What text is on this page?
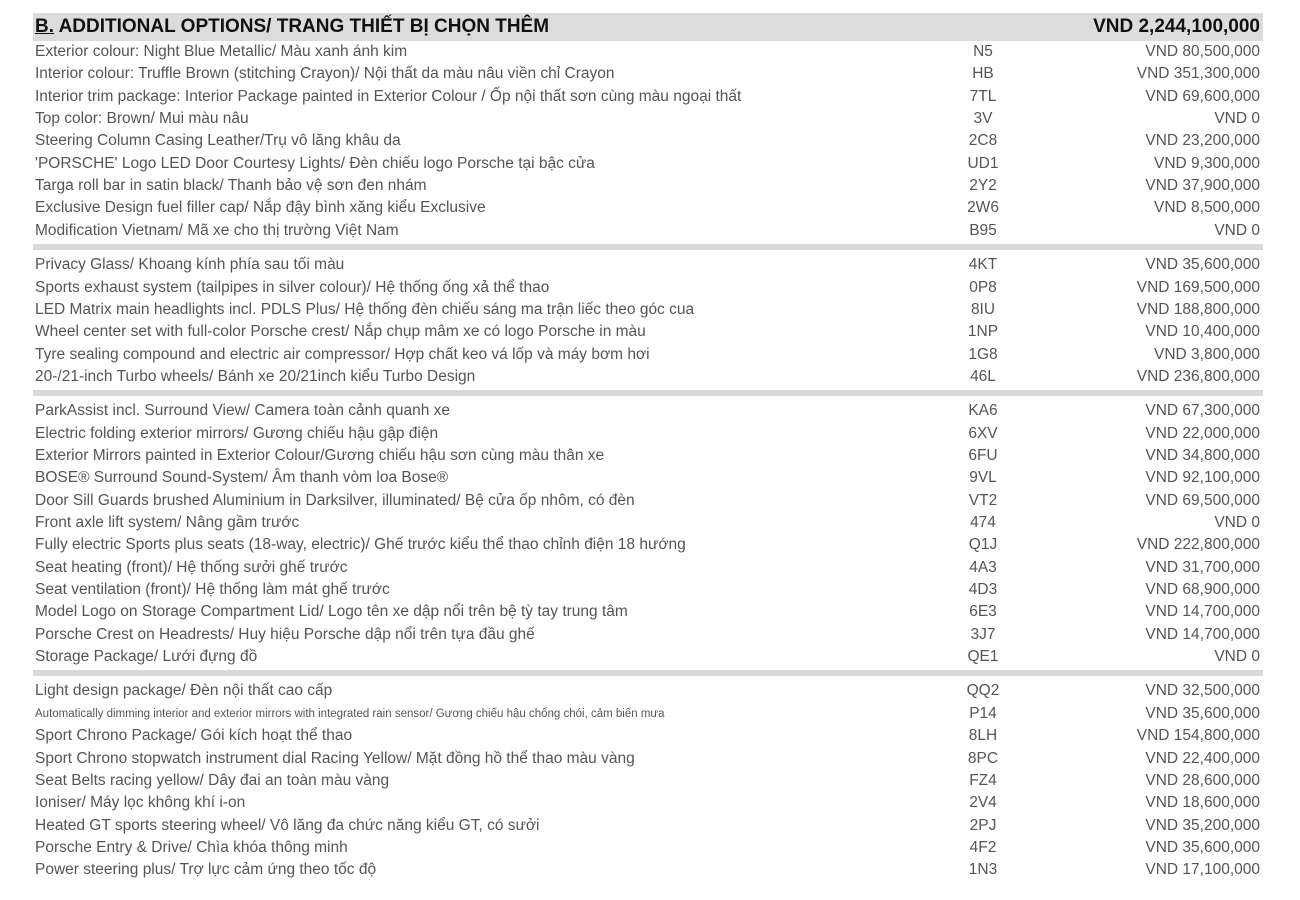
B. ADDITIONAL OPTIONS/ TRANG THIẾT BỊ CHỌN THÊM	VND 2,244,100,000
Exterior colour: Night Blue Metallic/ Màu xanh ánh kim	N5	VND 80,500,000
Interior colour: Truffle Brown (stitching Crayon)/ Nội thất da màu nâu viền chỉ Crayon	HB	VND 351,300,000
Interior trim package: Interior Package painted in Exterior Colour / Ốp nội thất sơn cùng màu ngoại thất	7TL	VND 69,600,000
Top color: Brown/ Mui màu nâu	3V	VND 0
Steering Column Casing Leather/Trụ vô lăng khâu da	2C8	VND 23,200,000
'PORSCHE' Logo LED Door Courtesy Lights/ Đèn chiếu logo Porsche tại bậc cửa	UD1	VND 9,300,000
Targa roll bar in satin black/ Thanh bảo vệ sơn đen nhám	2Y2	VND 37,900,000
Exclusive Design fuel filler cap/ Nắp đậy bình xăng kiểu Exclusive	2W6	VND 8,500,000
Modification Vietnam/ Mã xe cho thị trường Việt Nam	B95	VND 0
Privacy Glass/ Khoang kính phía sau tối màu	4KT	VND 35,600,000
Sports exhaust system (tailpipes in silver colour)/ Hệ thống ống xả thể thao	0P8	VND 169,500,000
LED Matrix main headlights incl. PDLS Plus/ Hệ thống đèn chiếu sáng ma trận liếc theo góc cua	8IU	VND 188,800,000
Wheel center set with full-color Porsche crest/ Nắp chụp mâm xe có logo Porsche in màu	1NP	VND 10,400,000
Tyre sealing compound and electric air compressor/ Hợp chất keo vá lốp và máy bơm hơi	1G8	VND 3,800,000
20-/21-inch Turbo wheels/ Bánh xe 20/21inch kiểu Turbo Design	46L	VND 236,800,000
ParkAssist incl. Surround View/ Camera toàn cảnh quanh xe	KA6	VND 67,300,000
Electric folding exterior mirrors/ Gương chiếu hậu gập điện	6XV	VND 22,000,000
Exterior Mirrors painted in Exterior Colour/Gương chiếu hậu sơn cùng màu thân xe	6FU	VND 34,800,000
BOSE® Surround Sound-System/ Âm thanh vòm loa Bose®	9VL	VND 92,100,000
Door Sill Guards brushed Aluminium in Darksilver, illuminated/ Bệ cửa ốp nhôm, có đèn	VT2	VND 69,500,000
Front axle lift system/ Nâng gầm trước	474	VND 0
Fully electric Sports plus seats (18-way, electric)/ Ghế trước kiểu thể thao chỉnh điện 18 hướng	Q1J	VND 222,800,000
Seat heating (front)/ Hệ thống sưởi ghế trước	4A3	VND 31,700,000
Seat ventilation (front)/ Hệ thống làm mát ghế trước	4D3	VND 68,900,000
Model Logo on Storage Compartment Lid/ Logo tên xe dập nổi trên bệ tỳ tay trung tâm	6E3	VND 14,700,000
Porsche Crest on Headrests/ Huy hiệu Porsche dập nổi trên tựa đầu ghế	3J7	VND 14,700,000
Storage Package/ Lưới đựng đồ	QE1	VND 0
Light design package/ Đèn nội thất cao cấp	QQ2	VND 32,500,000
Automatically dimming interior and exterior mirrors with integrated rain sensor/ Gương chiếu hậu chống chói, cảm biến mưa	P14	VND 35,600,000
Sport Chrono Package/ Gói kích hoạt thể thao	8LH	VND 154,800,000
Sport Chrono stopwatch instrument dial Racing Yellow/ Mặt đồng hồ thể thao màu vàng	8PC	VND 22,400,000
Seat Belts racing yellow/ Dây đai an toàn màu vàng	FZ4	VND 28,600,000
Ioniser/ Máy lọc không khí i-on	2V4	VND 18,600,000
Heated GT sports steering wheel/ Vô lăng đa chức năng kiểu GT, có sưởi	2PJ	VND 35,200,000
Porsche Entry & Drive/ Chìa khóa thông minh	4F2	VND 35,600,000
Power steering plus/ Trợ lực cảm ứng theo tốc độ	1N3	VND 17,100,000
